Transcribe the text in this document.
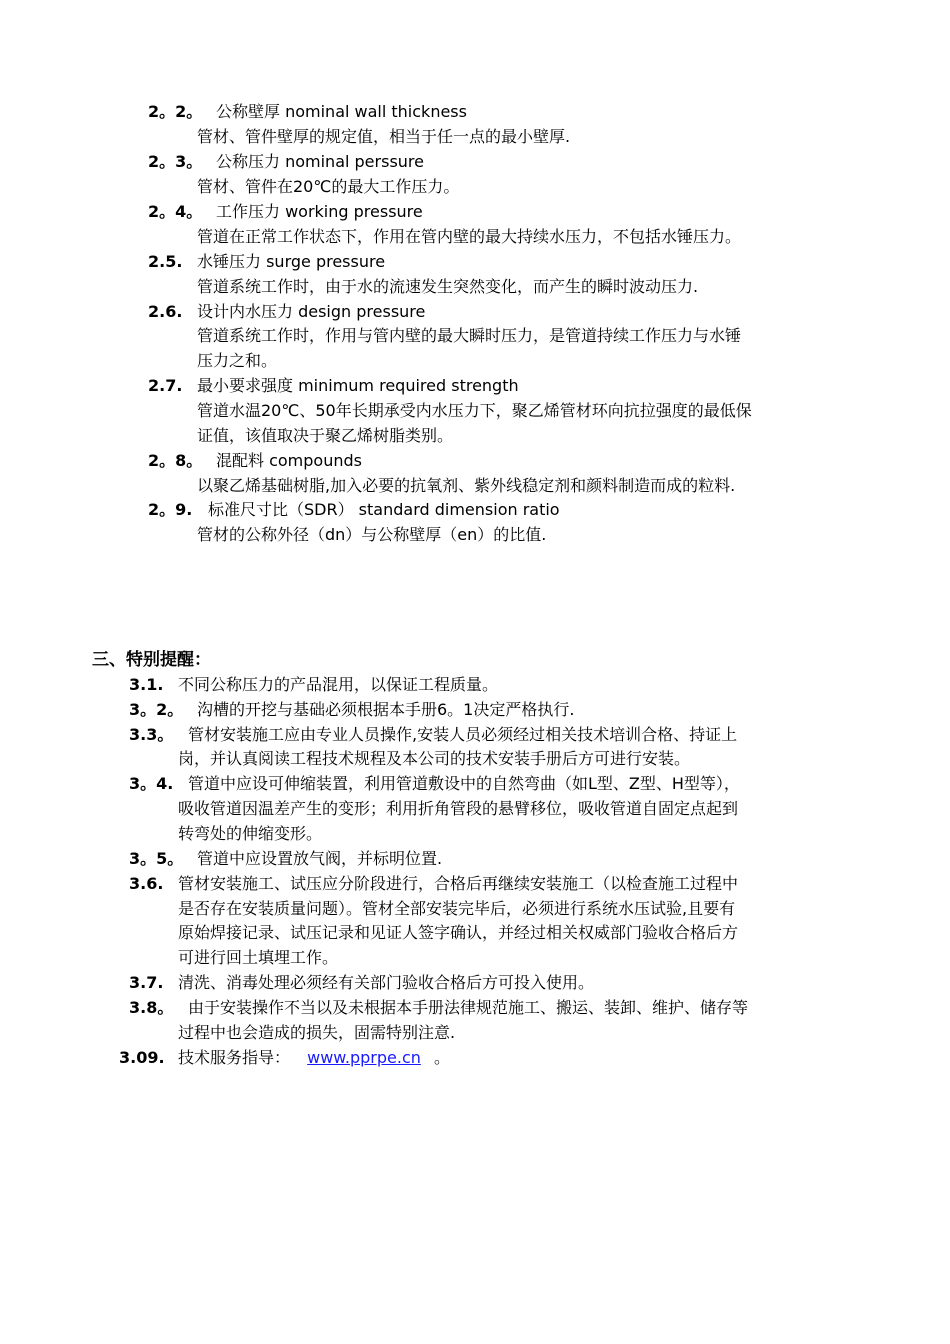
2。2。 公称壁厚 nominal wall thickness
管材、管件壁厚的规定值，相当于任一点的最小壁厚.
2。3。 公称压力 nominal perssure
管材、管件在20℃的最大工作压力。
2。4。 工作压力 working pressure
管道在正常工作状态下，作用在管内壁的最大持续水压力，不包括水锤压力。
2.5. 水锤压力 surge pressure
管道系统工作时，由于水的流速发生突然变化，而产生的瞬时波动压力.
2.6. 设计内水压力 design pressure
管道系统工作时，作用与管内壁的最大瞬时压力，是管道持续工作压力与水锤
压力之和。
2.7. 最小要求强度 minimum required strength
管道水温20℃、50年长期承受内水压力下，聚乙烯管材环向抗拉强度的最低保
证值，该值取决于聚乙烯树脂类别。
2。8。 混配料 compounds
以聚乙烯基础树脂,加入必要的抗氧剂、紫外线稳定剂和颜料制造而成的粒料.
2。9. 标准尺寸比（SDR） standard dimension ratio
管材的公称外径（dn）与公称壁厚（en）的比值.
三、特别提醒：
3.1. 不同公称压力的产品混用，以保证工程质量。
3。2。 沟槽的开挖与基础必须根据本手册6。1决定严格执行.
3.3。 管材安装施工应由专业人员操作,安装人员必须经过相关技术培训合格、持证上
岗，并认真阅读工程技术规程及本公司的技术安装手册后方可进行安装。
3。4. 管道中应设可伸缩装置，利用管道敷设中的自然弯曲（如L型、Z型、H型等），
吸收管道因温差产生的变形；利用折角管段的悬臂移位，吸收管道自固定点起到
转弯处的伸缩变形。
3。5。 管道中应设置放气阀，并标明位置.
3.6. 管材安装施工、试压应分阶段进行，合格后再继续安装施工（以检查施工过程中
是否存在安装质量问题）。管材全部安装完毕后，必须进行系统水压试验,且要有
原始焊接记录、试压记录和见证人签字确认，并经过相关权威部门验收合格后方
可进行回土填埋工作。
3.7. 清洗、消毒处理必须经有关部门验收合格后方可投入使用。
3.8。 由于安装操作不当以及未根据本手册法律规范施工、搬运、装卸、维护、储存等
过程中也会造成的损失，固需特别注意.
3.09. 技术服务指导： www.pprpe.cn 。
